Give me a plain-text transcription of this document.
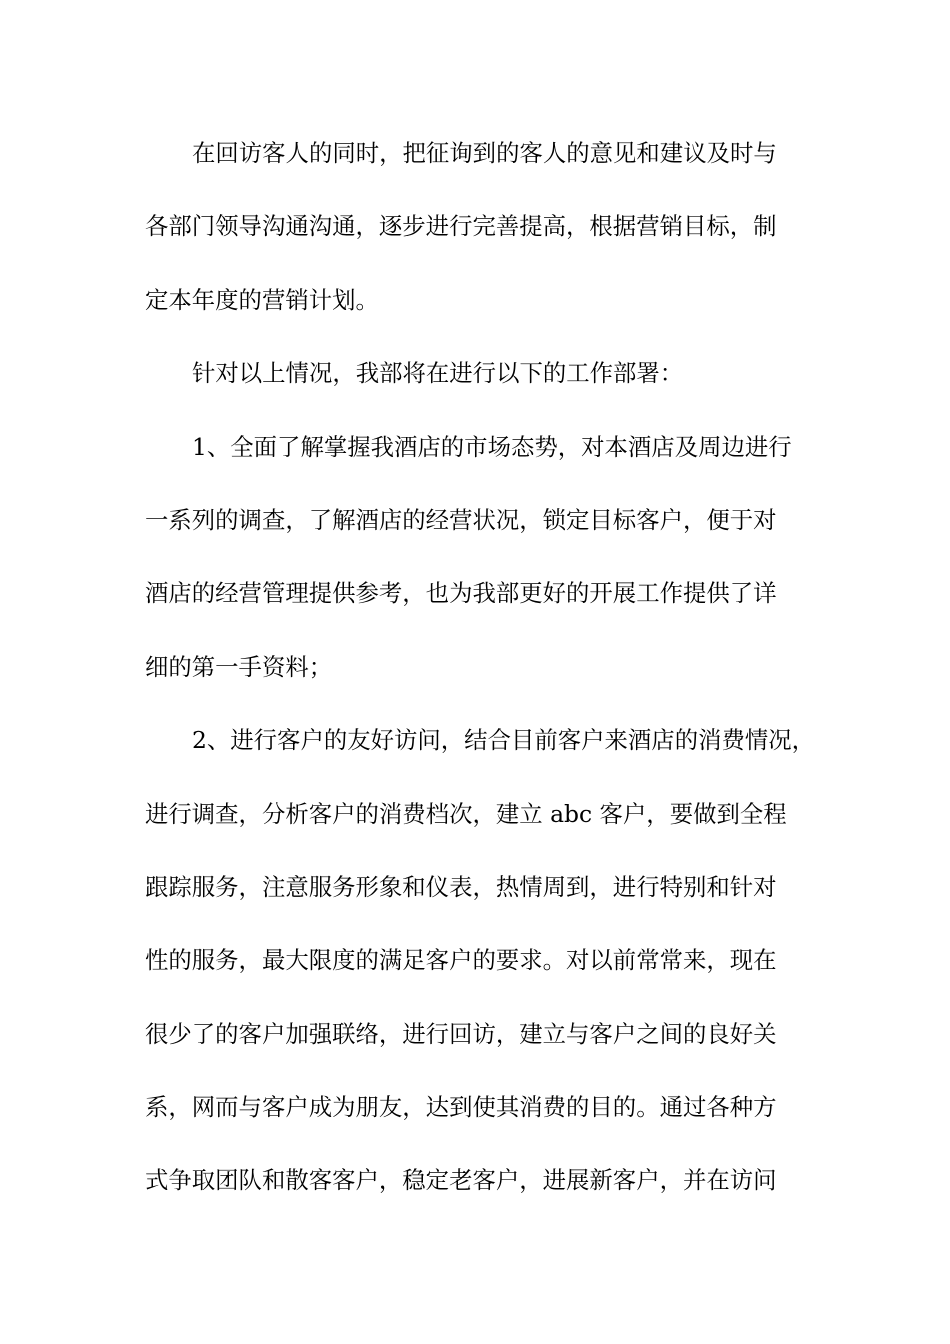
在回访客人的同时，把征询到的客人的意见和建议及时与
各部门领导沟通沟通，逐步进行完善提高，根据营销目标，制
定本年度的营销计划。
针对以上情况，我部将在进行以下的工作部署：
1、全面了解掌握我酒店的市场态势，对本酒店及周边进行
一系列的调查，了解酒店的经营状况，锁定目标客户，便于对
酒店的经营管理提供参考，也为我部更好的开展工作提供了详
细的第一手资料；
2、进行客户的友好访问，结合目前客户来酒店的消费情况，
进行调查，分析客户的消费档次，建立 abc 客户，要做到全程
跟踪服务，注意服务形象和仪表，热情周到，进行特别和针对
性的服务，最大限度的满足客户的要求。对以前常常来，现在
很少了的客户加强联络，进行回访，建立与客户之间的良好关
系，网而与客户成为朋友，达到使其消费的目的。通过各种方
式争取团队和散客客户，稳定老客户，进展新客户，并在访问
